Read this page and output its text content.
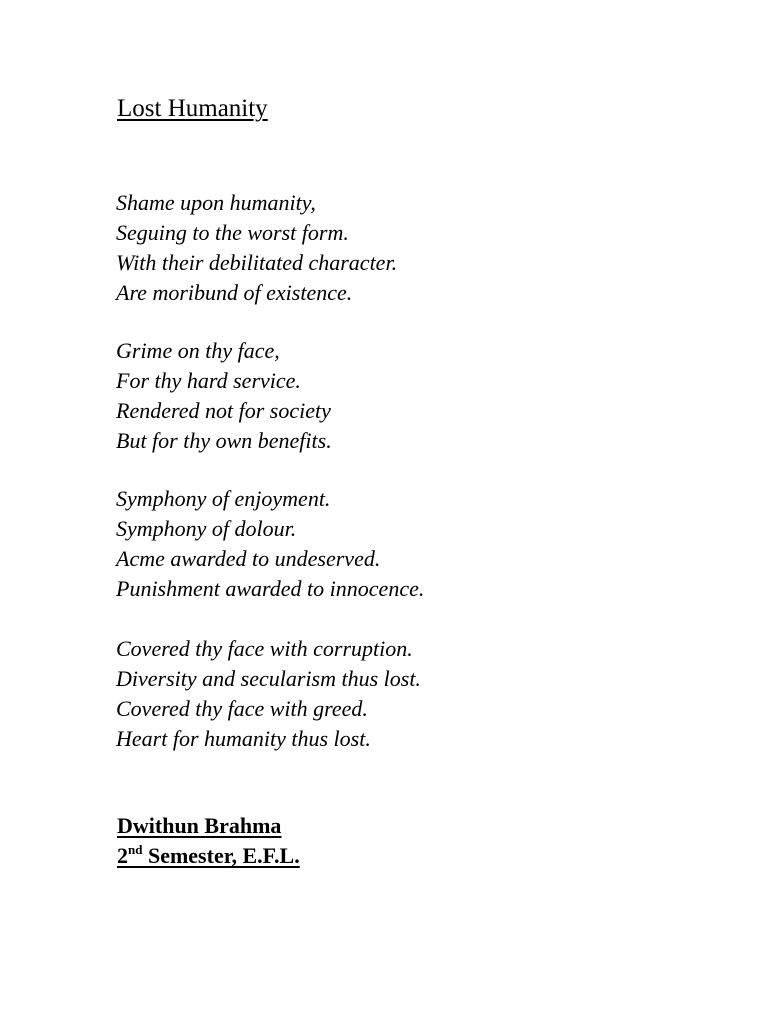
Lost Humanity
Shame upon humanity,
Seguing to the worst form.
With their debilitated character.
Are moribund of existence.
Grime on thy face,
For thy hard service.
Rendered not for society
But for thy own benefits.
Symphony of enjoyment.
Symphony of dolour.
Acme awarded to undeserved.
Punishment awarded to innocence.
Covered thy face with corruption.
Diversity and secularism thus lost.
Covered thy face with greed.
Heart for humanity thus lost.
Dwithun Brahma
2nd Semester, E.F.L.
